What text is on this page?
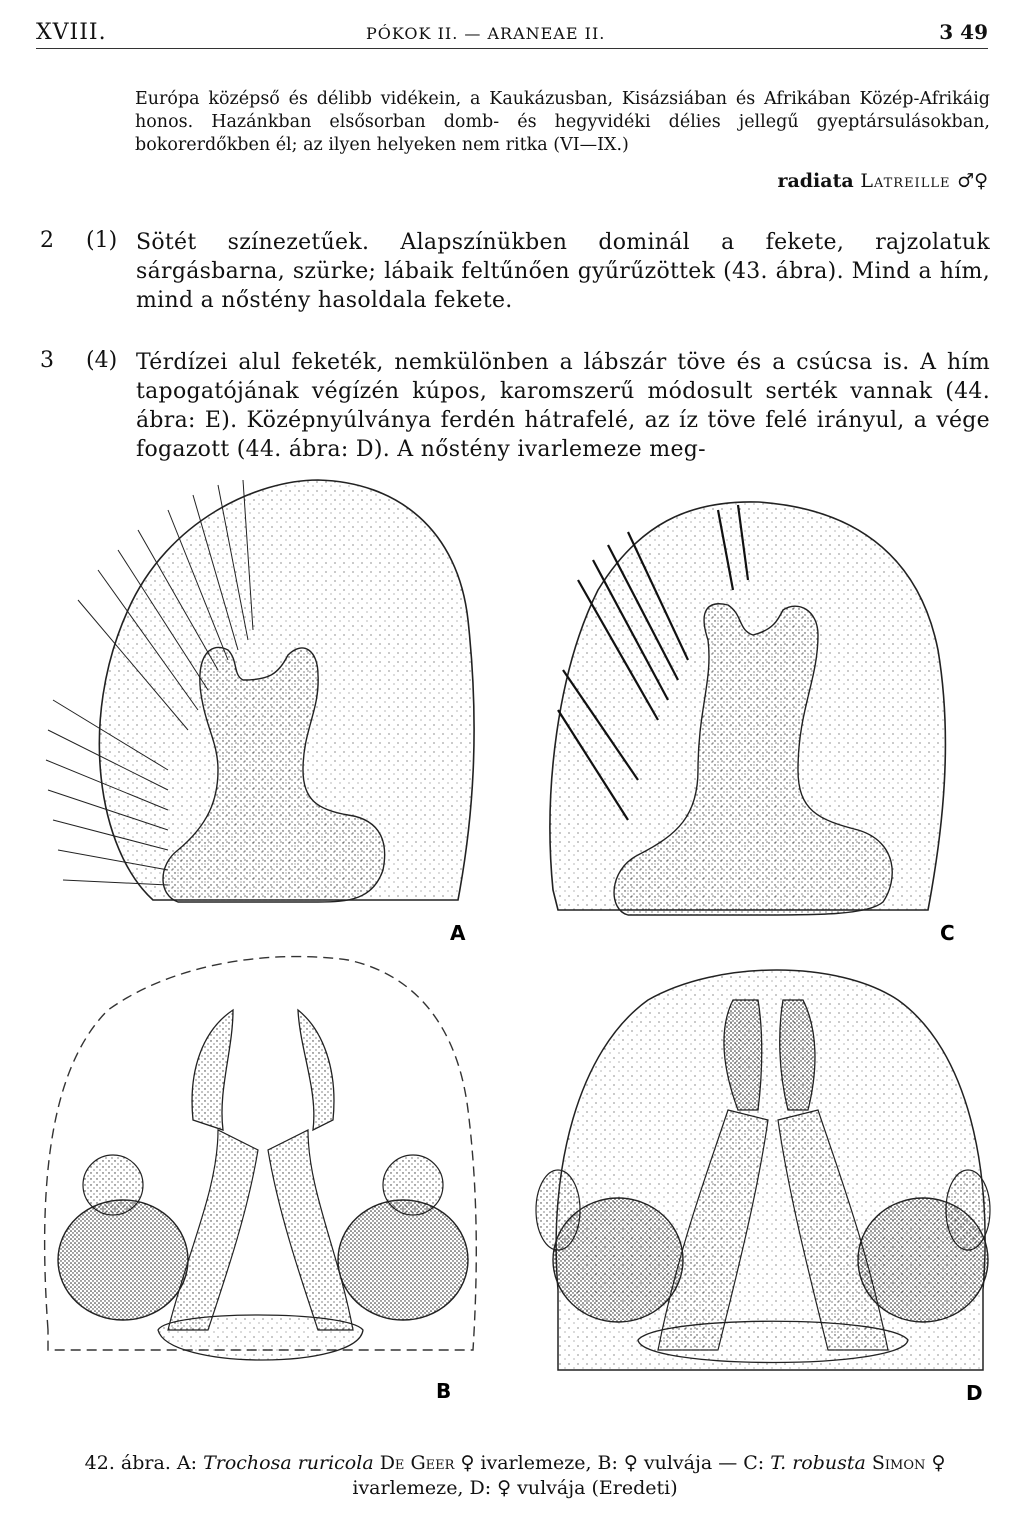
XVIII.	PÓKOK II. — ARANEAE II.	3 49
Európa középső és délibb vidékein, a Kaukázusban, Kisázsiában és Afrikában Közép-Afrikáig honos. Hazánkban elsősorban domb- és hegyvidéki délies jellegű gyeptársulásokban, bokorerdőkben él; az ilyen helyeken nem ritka (VI—IX.)
radiata Latreille ♂♀
2 (1) Sötét színezetűek. Alapszínükben dominál a fekete, rajzolatuk sárgásbarna, szürke; lábaik feltűnően gyűrűzöttek (43. ábra). Mind a hím, mind a nőstény hasoldala fekete.
3 (4) Térdízei alul feketék, nemkülönben a lábszár töve és a csúcsa is. A hím tapogatójának végízén kúpos, karomszerű módosult serték vannak (44. ábra: E). Középnyúlványa ferdén hátrafelé, az íz töve felé irányul, a vége fogazott (44. ábra: D). A nőstény ivarlemeze meg-
A	C
B	D
42. ábra. A: Trochosa ruricola De Geer ♀ ivarlemeze, B: ♀ vulvája — C: T. robusta Simon ♀
ivarlemeze, D: ♀ vulvája (Eredeti)
